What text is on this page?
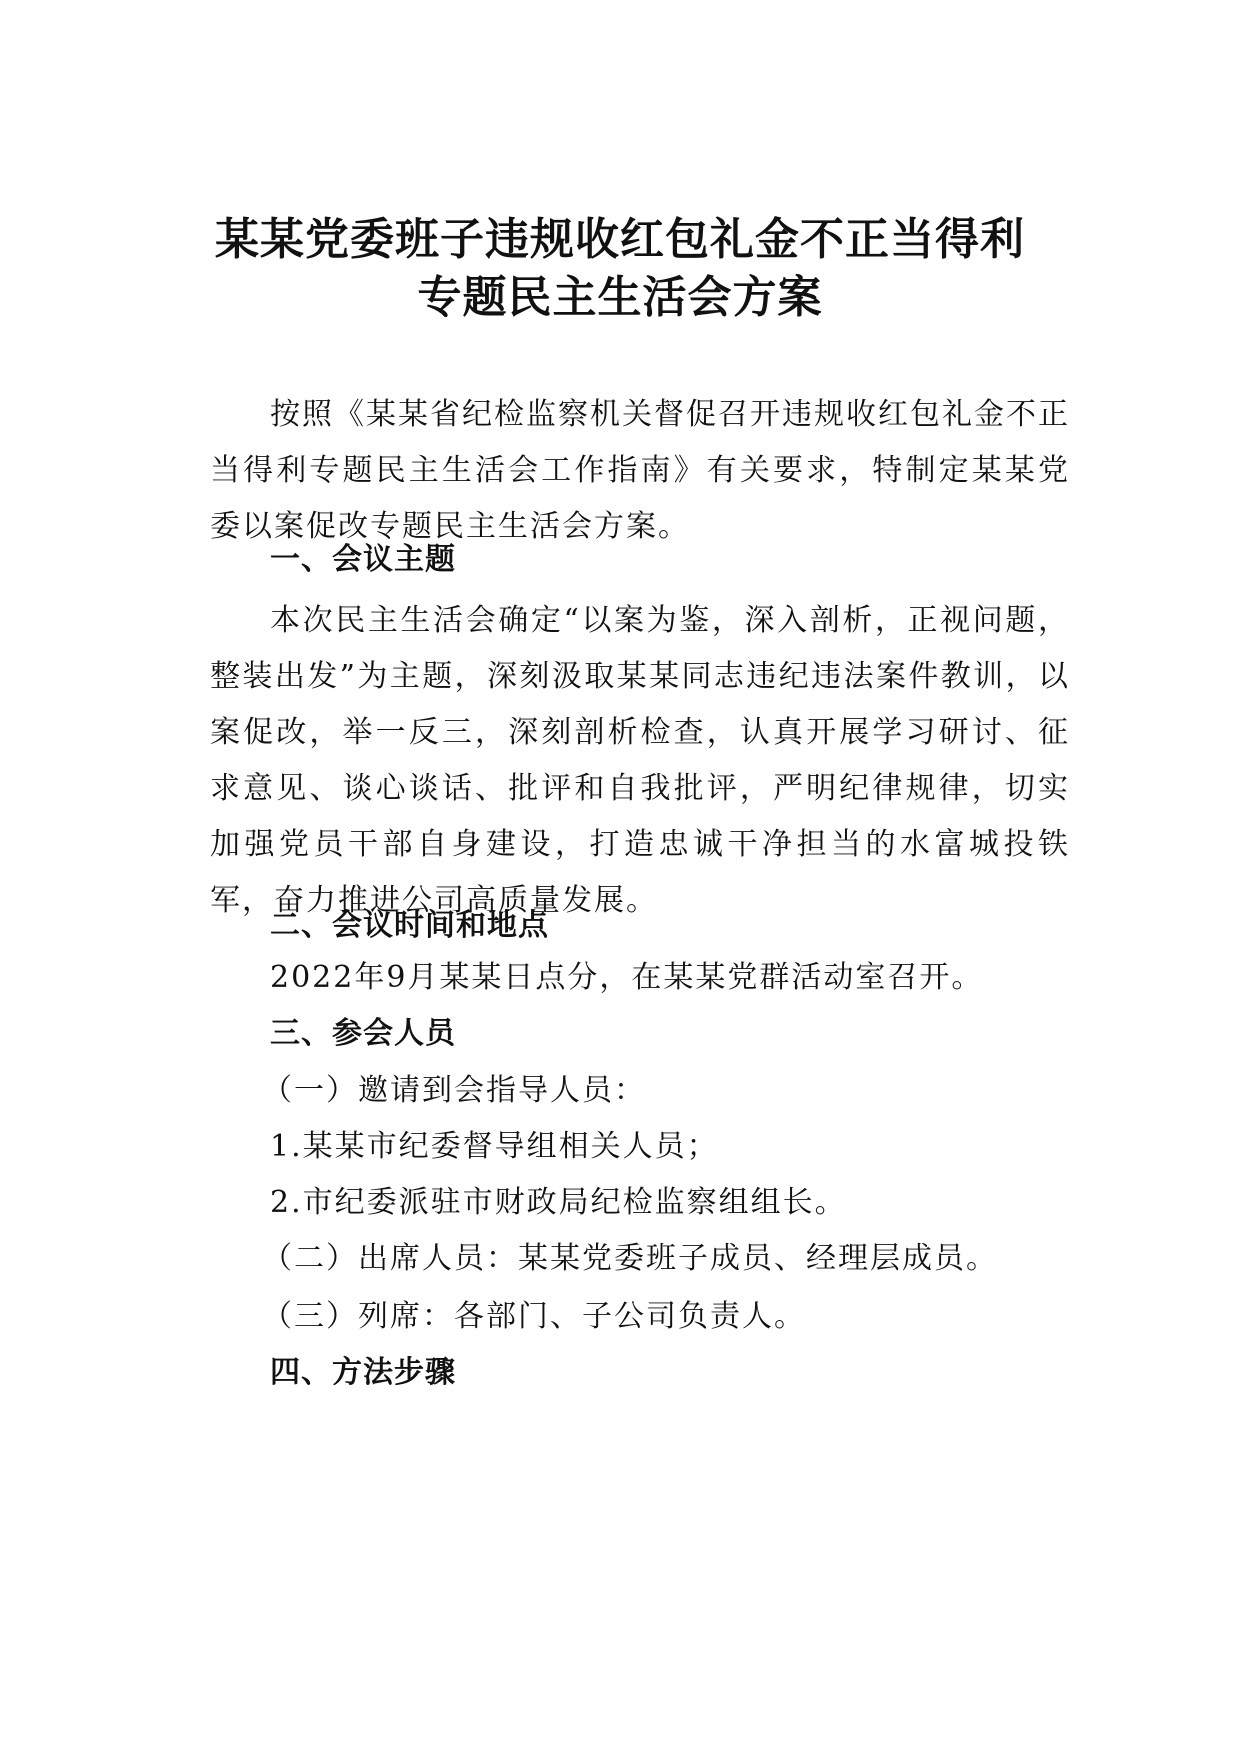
某某党委班子违规收红包礼金不正当得利
专题民主生活会方案
按照《某某省纪检监察机关督促召开违规收红包礼金不正当得利专题民主生活会工作指南》有关要求，特制定某某党委以案促改专题民主生活会方案。
一、会议主题
本次民主生活会确定“以案为鉴，深入剖析，正视问题，整装出发”为主题，深刻汲取某某同志违纪违法案件教训，以案促改，举一反三，深刻剖析检查，认真开展学习研讨、征求意见、谈心谈话、批评和自我批评，严明纪律规律，切实加强党员干部自身建设，打造忠诚干净担当的水富城投铁军，奋力推进公司高质量发展。
二、会议时间和地点
2022年9月某某日点分，在某某党群活动室召开。
三、参会人员
（一）邀请到会指导人员：
1.某某市纪委督导组相关人员；
2.市纪委派驻市财政局纪检监察组组长。
（二）出席人员：某某党委班子成员、经理层成员。
（三）列席：各部门、子公司负责人。
四、方法步骤
